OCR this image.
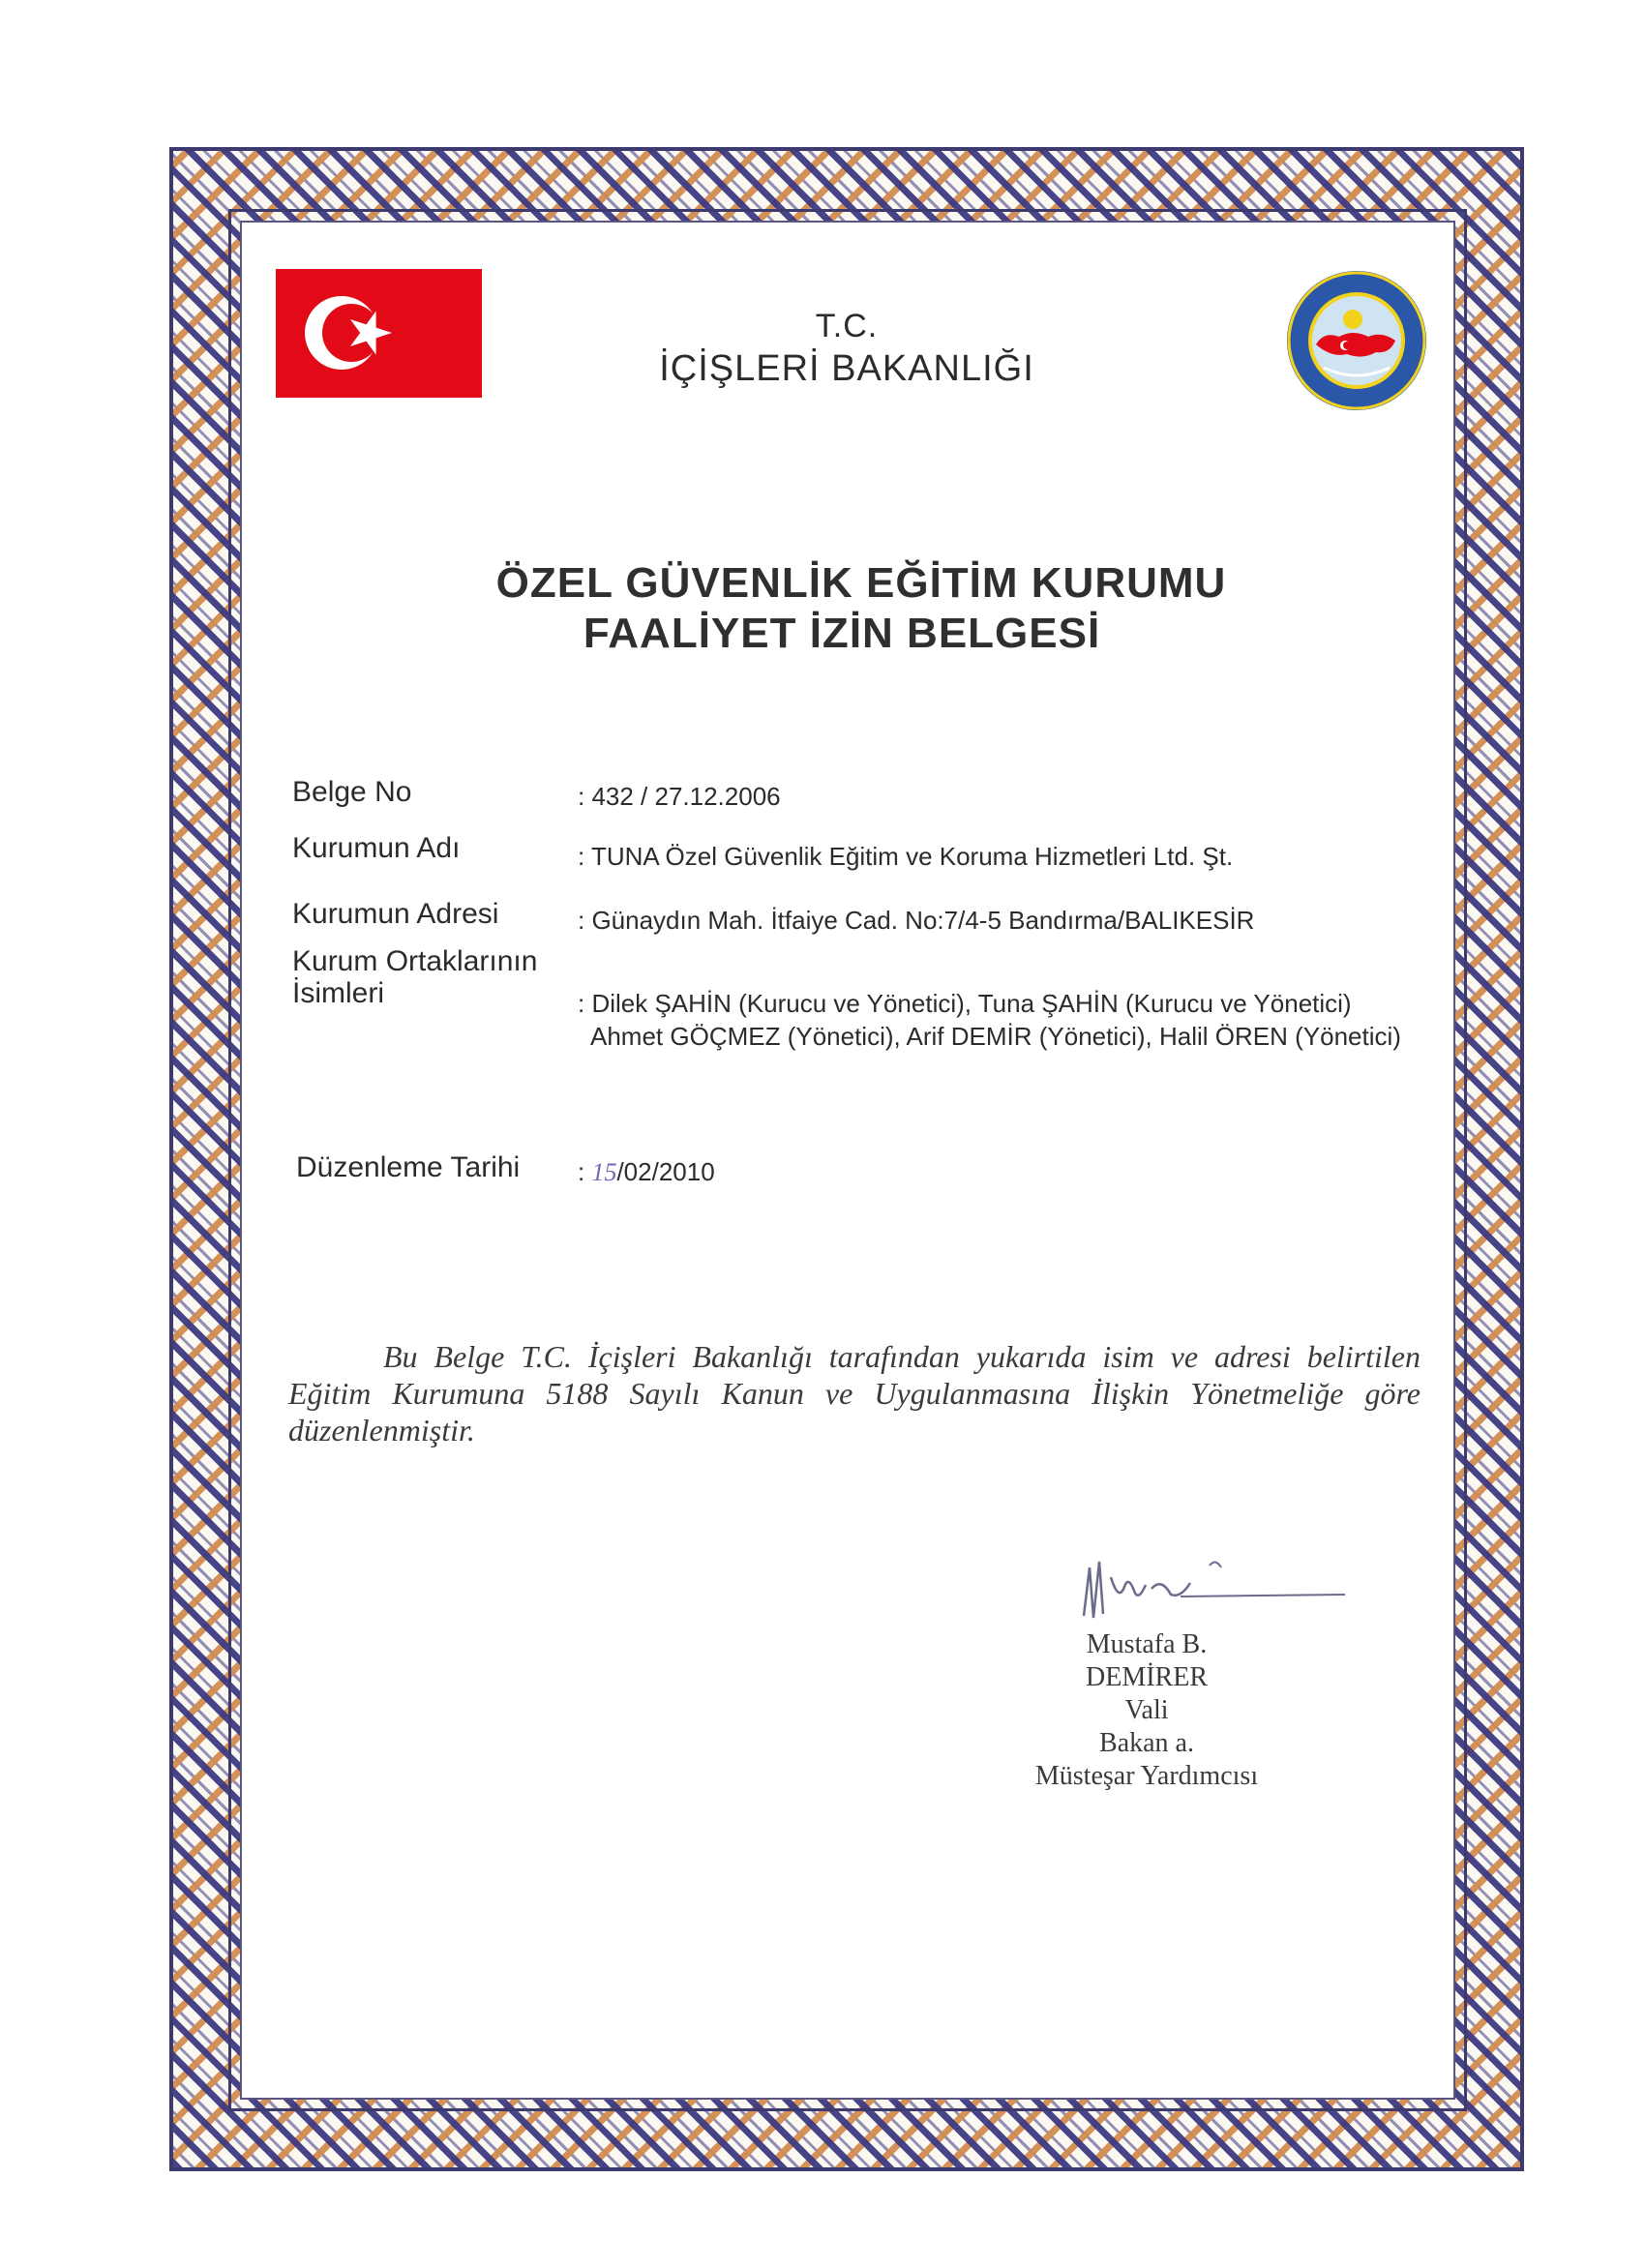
T.C.
İÇİŞLERİ BAKANLIĞI
ÖZEL GÜVENLİK EĞİTİM KURUMU
FAALİYET İZİN BELGESİ
Belge No	: 432 / 27.12.2006
Kurumun Adı	: TUNA Özel Güvenlik Eğitim ve Koruma Hizmetleri Ltd. Şt.
Kurumun Adresi	: Günaydın Mah. İtfaiye Cad. No:7/4-5 Bandırma/BALIKESİR
Kurum Ortaklarının
İsimleri	: Dilek ŞAHİN (Kurucu ve Yönetici), Tuna ŞAHİN (Kurucu ve Yönetici)
Ahmet GÖÇMEZ (Yönetici), Arif DEMİR (Yönetici), Halil ÖREN (Yönetici)
Düzenleme Tarihi : 15/02/2010
Bu Belge T.C. İçişleri Bakanlığı tarafından yukarıda isim ve adresi belirtilen Eğitim Kurumuna 5188 Sayılı Kanun ve Uygulanmasına İlişkin Yönetmeliğe göre düzenlenmiştir.
Mustafa B. DEMİRER
Vali
Bakan a.
Müsteşar Yardımcısı
